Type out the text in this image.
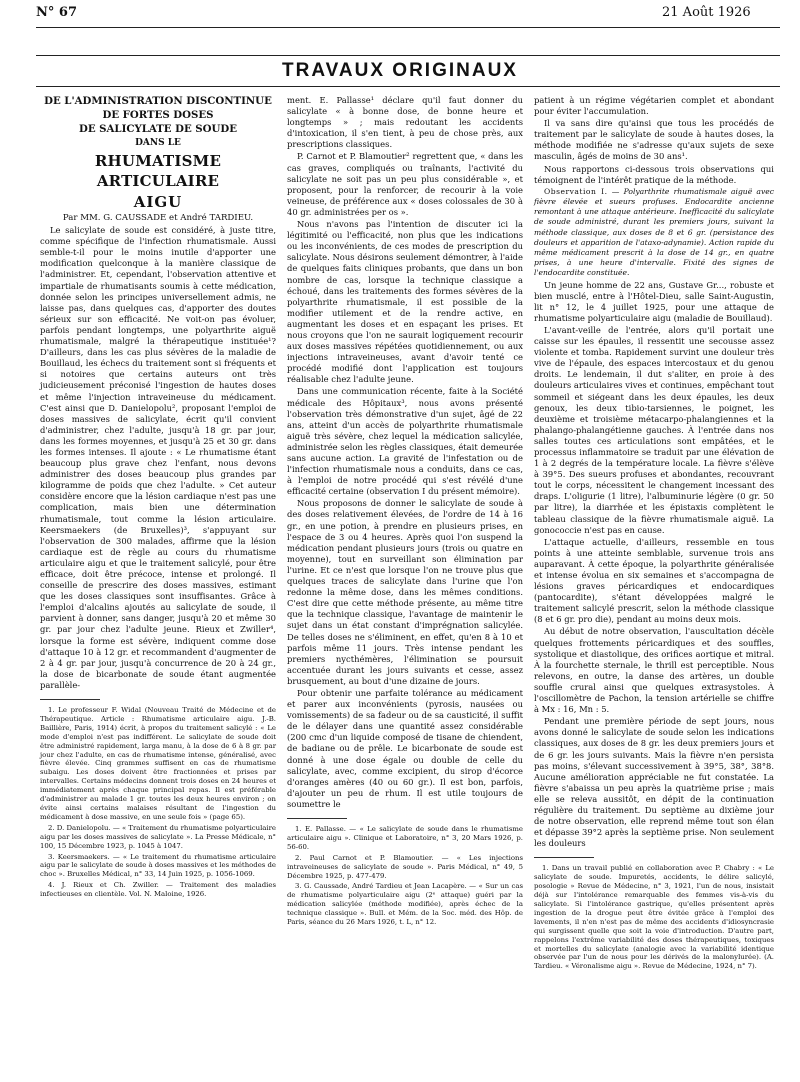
N° 67	21 Août 1926
TRAVAUX ORIGINAUX

DE L'ADMINISTRATION DISCONTINUE

DE FORTES DOSES

DE SALICYLATE DE SOUDE

DANS LE

RHUMATISME ARTICULAIRE

AIGU

Par MM. G. CAUSSADE et André TARDIEU.

Le salicylate de soude est considéré, à juste titre, comme spécifique de l'infection rhumatismale. Aussi semble-t-il pour le moins inutile d'apporter une modification quelconque à la manière classique de l'administrer. Et, cependant, l'observation attentive et impartiale de rhumatisants soumis à cette médication, donnée selon les principes universellement admis, ne laisse pas, dans quelques cas, d'apporter des doutes sérieux sur son efficacité. Ne voit-on pas évoluer, parfois pendant longtemps, une polyarthrite aiguë rhumatismale, malgré la thérapeutique instituée¹? D'ailleurs, dans les cas plus sévères de la maladie de Bouillaud, les échecs du traitement sont si fréquents et si notoires que certains auteurs ont très judicieusement préconisé l'ingestion de hautes doses et même l'injection intraveineuse du médicament. C'est ainsi que D. Danielopolu², proposant l'emploi de doses massives de salicylate, écrit qu'il convient d'administrer, chez l'adulte, jusqu'à 18 gr. par jour, dans les formes moyennes, et jusqu'à 25 et 30 gr. dans les formes intenses. Il ajoute : « Le rhumatisme étant beaucoup plus grave chez l'enfant, nous devons administrer des doses beaucoup plus grandes par kilogramme de poids que chez l'adulte. » Cet auteur considère encore que la lésion cardiaque n'est pas une complication, mais bien une détermination rhumatismale, tout comme la lésion articulaire. Keersmaekers (de Bruxelles)³, s'appuyant sur l'observation de 300 malades, affirme que la lésion cardiaque est de règle au cours du rhumatisme articulaire aigu et que le traitement salicylé, pour être efficace, doit être précoce, intense et prolongé. Il conseille de prescrire des doses massives, estimant que les doses classiques sont insuffisantes. Grâce à l'emploi d'alcalins ajoutés au salicylate de soude, il parvient à donner, sans danger, jusqu'à 20 et même 30 gr. par jour chez l'adulte jeune. Rieux et Zwiller⁴, lorsque la forme est sévère, indiquent comme dose d'attaque 10 à 12 gr. et recommandent d'augmenter de 2 à 4 gr. par jour, jusqu'à concurrence de 20 à 24 gr., la dose de bicarbonate de soude étant augmentée parallèle-

1. Le professeur F. Widal (Nouveau Traité de Médecine et de Thérapeutique. Article : Rhumatisme articulaire aigu. J.-B. Baillière, Paris, 1914) écrit, à propos du traitement salicylé : « Le mode d'emploi n'est pas indifférent. Le salicylate de soude doit être administré rapidement, larga manu, à la dose de 6 à 8 gr. par jour chez l'adulte, en cas de rhumatisme intense, généralisé, avec fièvre élevée. Cinq grammes suffisent en cas de rhumatisme subaigu. Les doses doivent être fractionnées et prises par intervalles. Certains médecins donnent trois doses en 24 heures et immédiatement après chaque principal repas. Il est préférable d'administrer au malade 1 gr. toutes les deux heures environ ; on évite ainsi certains malaises résultant de l'ingestion du médicament à dose massive, en une seule fois » (page 65).

2. D. Danielopolu. — « Traitement du rhumatisme polyarticulaire aigu par les doses massives de salicylate ». La Presse Médicale, n° 100, 15 Décembre 1923, p. 1045 à 1047.

3. Keersmaekers. — « Le traitement du rhumatisme articulaire aigu par le salicylate de soude à doses massives et les méthodes de choc ». Bruxelles Médical, n° 33, 14 Juin 1925, p. 1056-1069.

4. J. Rieux et Ch. Zwiller. — Traitement des maladies infectieuses en clientèle. Vol. N. Maloine, 1926.

ment. E. Pallasse¹ déclare qu'il faut donner du salicylate « à bonne dose, de bonne heure et longtemps » ; mais redoutant les accidents d'intoxication, il s'en tient, à peu de chose près, aux prescriptions classiques.

P. Carnot et P. Blamoutier² regrettent que, « dans les cas graves, compliqués ou traînants, l'activité du salicylate ne soit pas un peu plus considérable », et proposent, pour la renforcer, de recourir à la voie veineuse, de préférence aux « doses colossales de 30 à 40 gr. administrées per os ».

Nous n'avons pas l'intention de discuter ici la légitimité ou l'efficacité, non plus que les indications ou les inconvénients, de ces modes de prescription du salicylate. Nous désirons seulement démontrer, à l'aide de quelques faits cliniques probants, que dans un bon nombre de cas, lorsque la technique classique a échoué, dans les traitements des formes sévères de la polyarthrite rhumatismale, il est possible de la modifier utilement et de la rendre active, en augmentant les doses et en espaçant les prises. Et nous croyons que l'on ne saurait logiquement recourir aux doses massives répétées quotidiennement, ou aux injections intraveineuses, avant d'avoir tenté ce procédé modifié dont l'application est toujours réalisable chez l'adulte jeune.

Dans une communication récente, faite à la Société médicale des Hôpitaux³, nous avons présenté l'observation très démonstrative d'un sujet, âgé de 22 ans, atteint d'un accès de polyarthrite rhumatismale aiguë très sévère, chez lequel la médication salicylée, administrée selon les règles classiques, était demeurée sans aucune action. La gravité de l'infestation ou de l'infection rhumatismale nous a conduits, dans ce cas, à l'emploi de notre procédé qui s'est révélé d'une efficacité certaine (observation I du présent mémoire).

Nous proposons de donner le salicylate de soude à des doses relativement élevées, de l'ordre de 14 à 16 gr., en une potion, à prendre en plusieurs prises, en l'espace de 3 ou 4 heures. Après quoi l'on suspend la médication pendant plusieurs jours (trois ou quatre en moyenne), tout en surveillant son élimination par l'urine. Et ce n'est que lorsque l'on ne trouve plus que quelques traces de salicylate dans l'urine que l'on redonne la même dose, dans les mêmes conditions. C'est dire que cette méthode présente, au même titre que la technique classique, l'avantage de maintenir le sujet dans un état constant d'imprégnation salicylée. De telles doses ne s'éliminent, en effet, qu'en 8 à 10 et parfois même 11 jours. Très intense pendant les premiers nycthémères, l'élimination se poursuit accentuée durant les jours suivants et cesse, assez brusquement, au bout d'une dizaine de jours.

Pour obtenir une parfaite tolérance au médicament et parer aux inconvénients (pyrosis, nausées ou vomissements) de sa fadeur ou de sa causticité, il suffit de le délayer dans une quantité assez considérable (200 cmc d'un liquide composé de tisane de chiendent, de badiane ou de prêle. Le bicarbonate de soude est donné à une dose égale ou double de celle du salicylate, avec, comme excipient, du sirop d'écorce d'oranges amères (40 ou 60 gr.). Il est bon, parfois, d'ajouter un peu de rhum. Il est utile toujours de soumettre le

1. E. Pallasse. — « Le salicylate de soude dans le rhumatisme articulaire aigu ». Clinique et Laboratoire, n° 3, 20 Mars 1926, p. 56-60.

2. Paul Carnot et P. Blamoutier. — « Les injections intraveineuses de salicylate de soude ». Paris Médical, n° 49, 5 Décembre 1925, p. 477-479.

3. G. Caussade, André Tardieu et Jean Lacapère. — « Sur un cas de rhumatisme polyarticulaire aigu (2ᵉ attaque) guéri par la médication salicylée (méthode modifiée), après échec de la technique classique ». Bull. et Mém. de la Soc. méd. des Hôp. de Paris, séance du 26 Mars 1926, t. L, n° 12.

patient à un régime végétarien complet et abondant pour éviter l'accumulation.

Il va sans dire qu'ainsi que tous les procédés de traitement par le salicylate de soude à hautes doses, la méthode modifiée ne s'adresse qu'aux sujets de sexe masculin, âgés de moins de 30 ans¹.

Nous rapportons ci-dessous trois observations qui témoignent de l'intérêt pratique de la méthode.

Observation I. — Polyarthrite rhumatismale aiguë avec fièvre élevée et sueurs profuses. Endocardite ancienne remontant à une attaque antérieure. Inefficacité du salicylate de soude administré, durant les premiers jours, suivant la méthode classique, aux doses de 8 et 6 gr. (persistance des douleurs et apparition de l'ataxo-adynamie). Action rapide du même médicament prescrit à la dose de 14 gr., en quatre prises, à une heure d'intervalle. Fixité des signes de l'endocardite constituée.

Un jeune homme de 22 ans, Gustave Gr..., robuste et bien musclé, entre à l'Hôtel-Dieu, salle Saint-Augustin, lit n° 12, le 4 juillet 1925, pour une attaque de rhumatisme polyarticulaire aigu (maladie de Bouillaud).

L'avant-veille de l'entrée, alors qu'il portait une caisse sur les épaules, il ressentit une secousse assez violente et tomba. Rapidement survint une douleur très vive de l'épaule, des espaces intercostaux et du genou droits. Le lendemain, il dut s'aliter, en proie à des douleurs articulaires vives et continues, empêchant tout sommeil et siégeant dans les deux épaules, les deux genoux, les deux tibio-tarsiennes, le poignet, les deuxième et troisième métacarpo-phalangiennes et la phalango-phalangétienne gauches. À l'entrée dans nos salles toutes ces articulations sont empâtées, et le processus inflammatoire se traduit par une élévation de 1 à 2 degrés de la température locale. La fièvre s'élève à 39°5. Des sueurs profuses et abondantes, recouvrant tout le corps, nécessitent le changement incessant des draps. L'oligurie (1 litre), l'albuminurie légère (0 gr. 50 par litre), la diarrhée et les épistaxis complètent le tableau classique de la fièvre rhumatismale aiguë. La gonococcie n'est pas en cause.

L'attaque actuelle, d'ailleurs, ressemble en tous points à une atteinte semblable, survenue trois ans auparavant. À cette époque, la polyarthrite généralisée et intense évolua en six semaines et s'accompagna de lésions graves péricardiques et endocardiques (pantocardite), s'étant développées malgré le traitement salicylé prescrit, selon la méthode classique (8 et 6 gr. pro die), pendant au moins deux mois.

Au début de notre observation, l'auscultation décèle quelques frottements péricardiques et des souffles, systolique et diastolique, des orifices aortique et mitral. À la fourchette sternale, le thrill est perceptible. Nous relevons, en outre, la danse des artères, un double souffle crural ainsi que quelques extrasystoles. À l'oscillomètre de Pachon, la tension artérielle se chiffre à Mx : 16, Mn : 5.

Pendant une première période de sept jours, nous avons donné le salicylate de soude selon les indications classiques, aux doses de 8 gr. les deux premiers jours et de 6 gr. les jours suivants. Mais la fièvre n'en persista pas moins, s'élevant successivement à 39°5, 38°, 38°8. Aucune amélioration appréciable ne fut constatée. La fièvre s'abaissa un peu après la quatrième prise ; mais elle se releva aussitôt, en dépit de la continuation régulière du traitement. Du septième au dixième jour de notre observation, elle reprend même tout son élan et dépasse 39°2 après la septième prise. Non seulement les douleurs

1. Dans un travail publié en collaboration avec P. Chabry : « Le salicylate de soude. Impuretés, accidents, le délire salicylé, posologie » Revue de Médecine, n° 3, 1921, l'un de nous, insistait déjà sur l'intolérance remarquable des femmes vis-à-vis du salicylate. Si l'intolérance gastrique, qu'elles présentent après ingestion de la drogue peut être évitée grâce à l'emploi des lavements, il n'en n'est pas de même des accidents d'idiosyncrasie qui surgissent quelle que soit la voie d'introduction. D'autre part, rappelons l'extrême variabilité des doses thérapeutiques, toxiques et mortelles du salicylate (analogie avec la variabilité identique observée par l'un de nous pour les dérivés de la malonylurée). (A. Tardieu. « Véronalisme aigu ». Revue de Médecine, 1924, n° 7).
